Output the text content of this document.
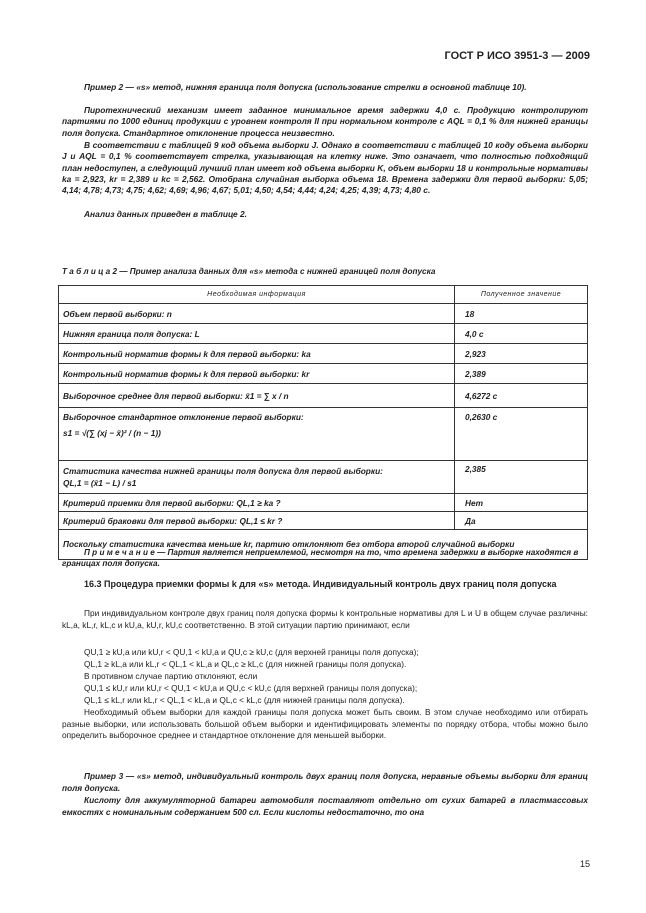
ГОСТ Р ИСО 3951-3 — 2009
Пример 2 — «s» метод, нижняя граница поля допуска (использование стрелки в основной таблице 10).
Пиротехнический механизм имеет заданное минимальное время задержки 4,0 с. Продукцию контролируют партиями по 1000 единиц продукции с уровнем контроля II при нормальном контроле с AQL = 0,1 % для нижней границы поля допуска. Стандартное отклонение процесса неизвестно.
В соответствии с таблицей 9 код объема выборки J. Однако в соответствии с таблицей 10 коду объема выборки J и AQL = 0,1 % соответствует стрелка, указывающая на клетку ниже. Это означает, что полностью подходящий план недоступен, а следующий лучший план имеет код объема выборки K, объем выборки 18 и контрольные нормативы ka = 2,923, kr = 2,389 и kc = 2,562. Отобрана случайная выборка объема 18. Времена задержки для первой выборки: 5,05; 4,14; 4,78; 4,73; 4,75; 4,62; 4,69; 4,96; 4,67; 5,01; 4,50; 4,54; 4,44; 4,24; 4,25; 4,39; 4,73; 4,80 с.
Анализ данных приведен в таблице 2.
Т а б л и ц а 2 — Пример анализа данных для «s» метода с нижней границей поля допуска
Необходимая информация	Полученное значение
Объем первой выборки: n	18
Нижняя граница поля допуска: L	4,0 с
Контрольный норматив формы k для первой выборки: ka	2,923
Контрольный норматив формы k для первой выборки: kr	2,389
Выборочное среднее для первой выборки: x̄1 = ∑ x / n	4,6272 с

Выборочное стандартное отклонение первой выборки:
s1 = √(∑ (xj − x̄)² / (n − 1))	0,2630 с

Статистика качества нижней границы поля допуска для первой выборки:
QL,1 = (x̄1 − L) / s1	2,385
Критерий приемки для первой выборки: QL,1 ≥ ka ?	Нет
Критерий браковки для первой выборки: QL,1 ≤ kr ?	Да
Поскольку статистика качества меньше kr, партию отклоняют без отбора второй случайной выборки	
П р и м е ч а н и е — Партия является неприемлемой, несмотря на то, что времена задержки в выборке находятся в границах поля допуска.
16.3 Процедура приемки формы k для «s» метода. Индивидуальный контроль двух границ поля допуска
При индивидуальном контроле двух границ поля допуска формы k контрольные нормативы для L и U в общем случае различны: kL,a, kL,r, kL,c и kU,a, kU,r, kU,c соответственно. В этой ситуации партию принимают, если
QU,1 ≥ kU,a или kU,r < QU,1 < kU,a и QU,c ≥ kU,c (для верхней границы поля допуска);
QL,1 ≥ kL,a или kL,r < QL,1 < kL,a и QL,c ≥ kL,c (для нижней границы поля допуска).
В противном случае партию отклоняют, если
QU,1 ≤ kU,r или kU,r < QU,1 < kU,a и QU,c < kU,c (для верхней границы поля допуска);
QL,1 ≤ kL,r или kL,r < QL,1 < kL,a и QL,c < kL,c (для нижней границы поля допуска).
Необходимый объем выборки для каждой границы поля допуска может быть своим. В этом случае необходимо или отбирать разные выборки, или использовать большой объем выборки и идентифицировать элементы по порядку отбора, чтобы можно было определить выборочное среднее и стандартное отклонение для меньшей выборки.
Пример 3 — «s» метод, индивидуальный контроль двух границ поля допуска, неравные объемы выборки для границ поля допуска.
Кислоту для аккумуляторной батареи автомобиля поставляют отдельно от сухих батарей в пластмассовых емкостях с номинальным содержанием 500 сл. Если кислоты недостаточно, то она
15
